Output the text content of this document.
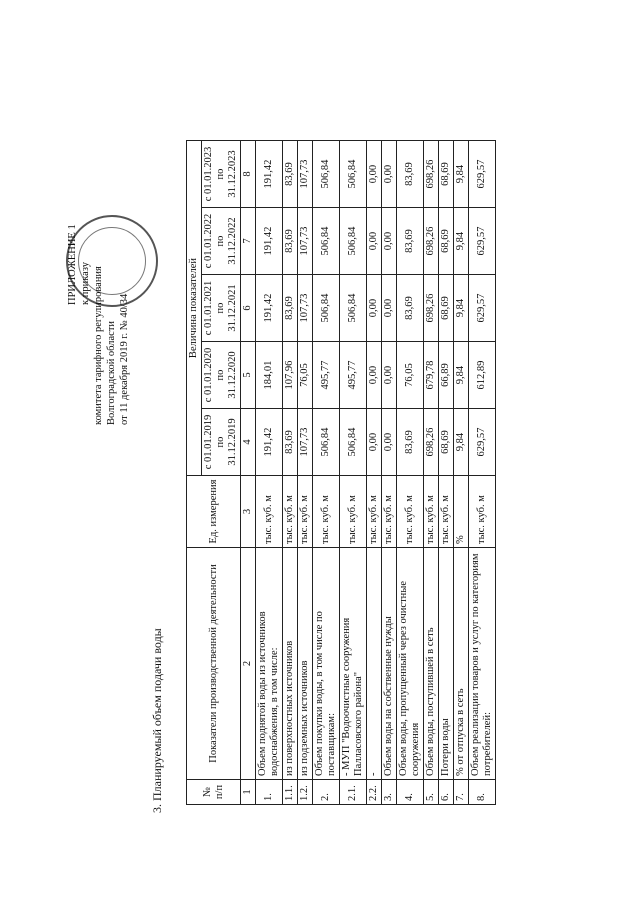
ПРИЛОЖЕНИЕ 1 к приказу комитета тарифного регулирования Волгоградской области от 11 декабря 2019 г. № 40/34
3. Планируемый объем подачи воды	№ п/п	Показатели производственной деятельности	Ед. измерения	Величина показателей				
			с 01.01.2019 по 31.12.2019	с 01.01.2020 по 31.12.2020	с 01.01.2021 по 31.12.2021	с 01.01.2022 по 31.12.2022	с 01.01.2023 по 31.12.2023
1	2	3	4	5	6	7	8
1.	Объем поднятой воды из источников водоснабжения, в том числе:	тыс. куб. м	191,42	184,01	191,42	191,42	191,42
1.1.	из поверхностных источников	тыс. куб. м	83,69	107,96	83,69	83,69	83,69
1.2.	из подземных источников	тыс. куб. м	107,73	76,05	107,73	107,73	107,73
2.	Объем покупки воды, в том числе по поставщикам:	тыс. куб. м	506,84	495,77	506,84	506,84	506,84
2.1.	- МУП "Водоочистные сооружения Палласовского района"	тыс. куб. м	506,84	495,77	506,84	506,84	506,84
2.2.	-	тыс. куб. м	0,00	0,00	0,00	0,00	0,00
3.	Объем воды на собственные нужды	тыс. куб. м	0,00	0,00	0,00	0,00	0,00
4.	Объем воды, пропущенный через очистные сооружения	тыс. куб. м	83,69	76,05	83,69	83,69	83,69
5.	Объем воды, поступившей в сеть	тыс. куб. м	698,26	679,78	698,26	698,26	698,26
6.	Потери воды	тыс. куб. м	68,69	66,89	68,69	68,69	68,69
7.	% от отпуска в сеть	%	9,84	9,84	9,84	9,84	9,84
8.	Объем реализации товаров и услуг по категориям потребителей:	тыс. куб. м	629,57	612,89	629,57	629,57	629,57
